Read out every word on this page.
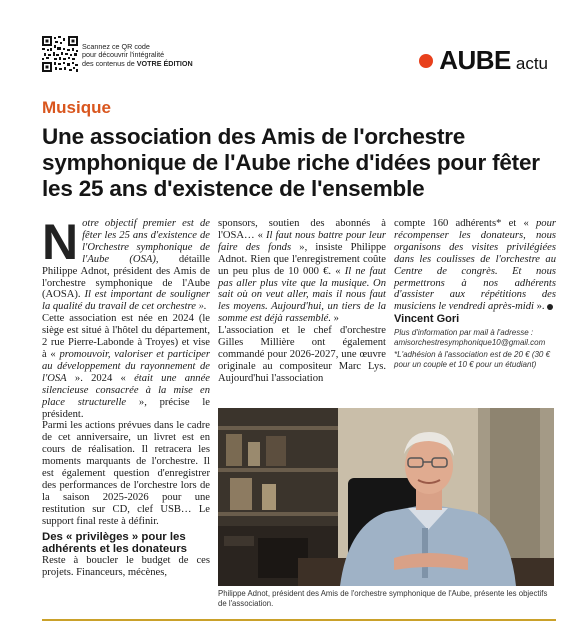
Scannez ce QR code
pour découvrir l'intégralité
des contenus de VOTRE ÉDITION	AUBE actu
Musique
Une association des Amis de l'orchestre symphonique de l'Aube riche d'idées pour fêter les 25 ans d'existence de l'ensemble

Notre objectif premier est de fêter les 25 ans d'existence de l'Orchestre symphonique de l'Aube (OSA), détaille Philippe Adnot, président des Amis de l'orchestre symphonique de l'Aube (AOSA). Il est important de souligner la qualité du travail de cet orchestre ».

Cette association est née en 2024 (le siège est situé à l'hôtel du département, 2 rue Pierre-Labonde à Troyes) et vise à « promouvoir, valoriser et participer au développement du rayonnement de l'OSA ». 2024 « était une année silencieuse consacrée à la mise en place structurelle », précise le président.

Parmi les actions prévues dans le cadre de cet anniversaire, un livret est en cours de réalisation. Il retracera les moments marquants de l'orchestre. Il est également question d'enregistrer des performances de l'orchestre lors de la saison 2025-2026 pour une restitution sur CD, clef USB… Le support final reste à définir.

Des « privilèges » pour les adhérents et les donateurs

Reste à boucler le budget de ces projets. Financeurs, mécènes,

sponsors, soutien des abonnés à l'OSA… « Il faut nous battre pour leur faire des fonds », insiste Philippe Adnot. Rien que l'enregistrement coûte un peu plus de 10 000 €. « Il ne faut pas aller plus vite que la musique. On sait où on veut aller, mais il nous faut les moyens. Aujourd'hui, un tiers de la somme est déjà rassemblé. »

L'association et le chef d'orchestre Gilles Millière ont également commandé pour 2026-2027, une œuvre originale au compositeur Marc Lys. Aujourd'hui l'association

compte 160 adhérents* et « pour récompenser les donateurs, nous organisons des visites privilégiées dans les coulisses de l'orchestre au Centre de congrès. Et nous permettrons à nos adhérents d'assister aux répétitions des musiciens le vendredi après-midi ».

Vincent Gori
Plus d'information par mail à l'adresse : amisorchestresymphonique10@gmail.com
*L'adhésion à l'association est de 20 € (30 € pour un couple et 10 € pour un étudiant)
Philippe Adnot, président des Amis de l'orchestre symphonique de l'Aube, présente les objectifs de l'association.
